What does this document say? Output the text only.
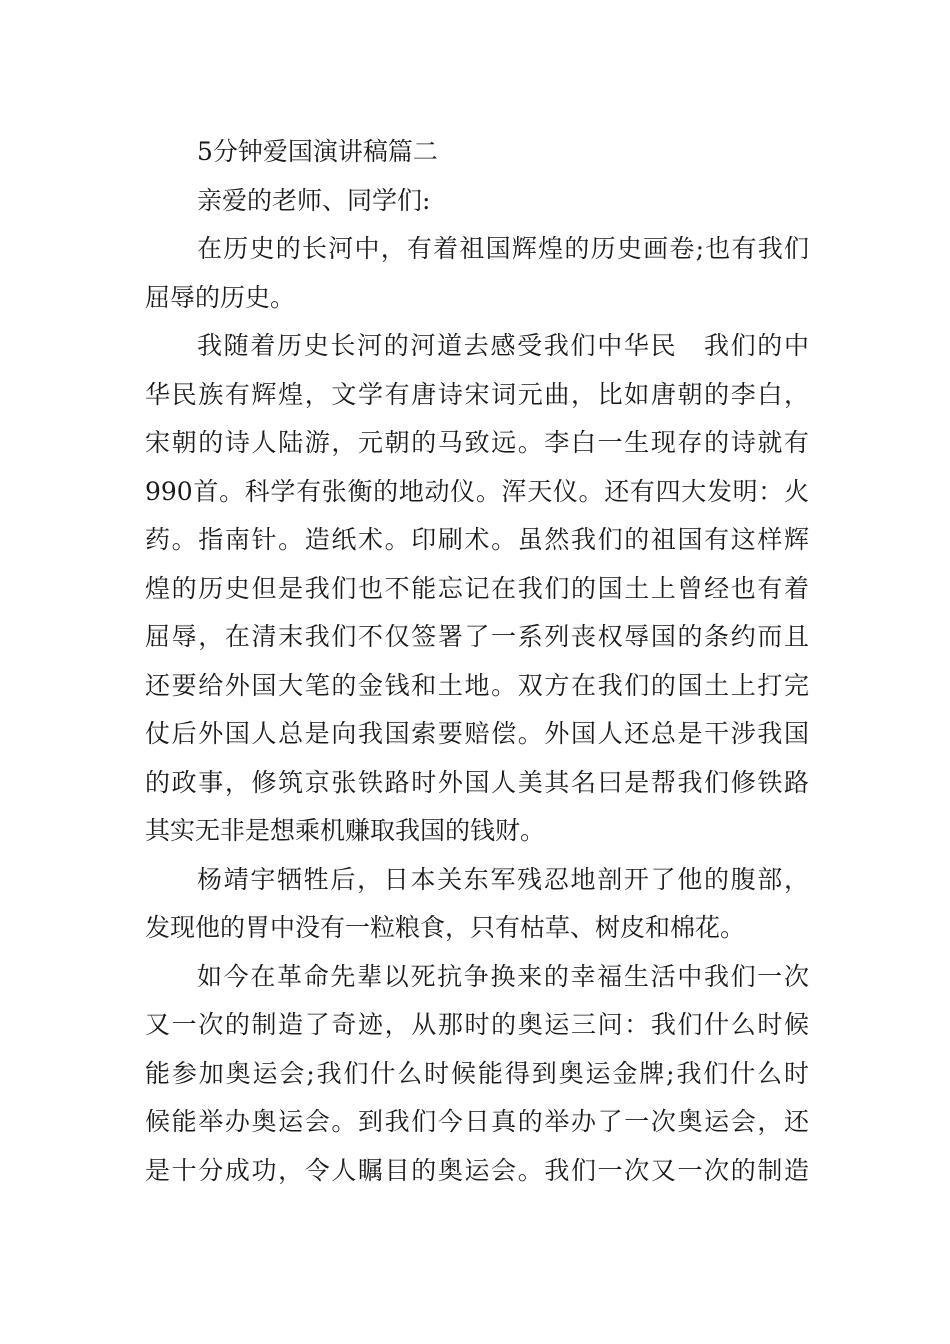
5分钟爱国演讲稿篇二
亲爱的老师、同学们:
在历史的长河中，有着祖国辉煌的历史画卷;也有我们
屈辱的历史。
我随着历史长河的河道去感受我们中华民　我们的中
华民族有辉煌，文学有唐诗宋词元曲，比如唐朝的李白，
宋朝的诗人陆游，元朝的马致远。李白一生现存的诗就有
990首。科学有张衡的地动仪。浑天仪。还有四大发明：火
药。指南针。造纸术。印刷术。虽然我们的祖国有这样辉
煌的历史但是我们也不能忘记在我们的国土上曾经也有着
屈辱，在清末我们不仅签署了一系列丧权辱国的条约而且
还要给外国大笔的金钱和土地。双方在我们的国土上打完
仗后外国人总是向我国索要赔偿。外国人还总是干涉我国
的政事，修筑京张铁路时外国人美其名曰是帮我们修铁路
其实无非是想乘机赚取我国的钱财。
杨靖宇牺牲后，日本关东军残忍地剖开了他的腹部，
发现他的胃中没有一粒粮食，只有枯草、树皮和棉花。
如今在革命先辈以死抗争换来的幸福生活中我们一次
又一次的制造了奇迹，从那时的奥运三问：我们什么时候
能参加奥运会;我们什么时候能得到奥运金牌;我们什么时
候能举办奥运会。到我们今日真的举办了一次奥运会，还
是十分成功，令人瞩目的奥运会。我们一次又一次的制造
